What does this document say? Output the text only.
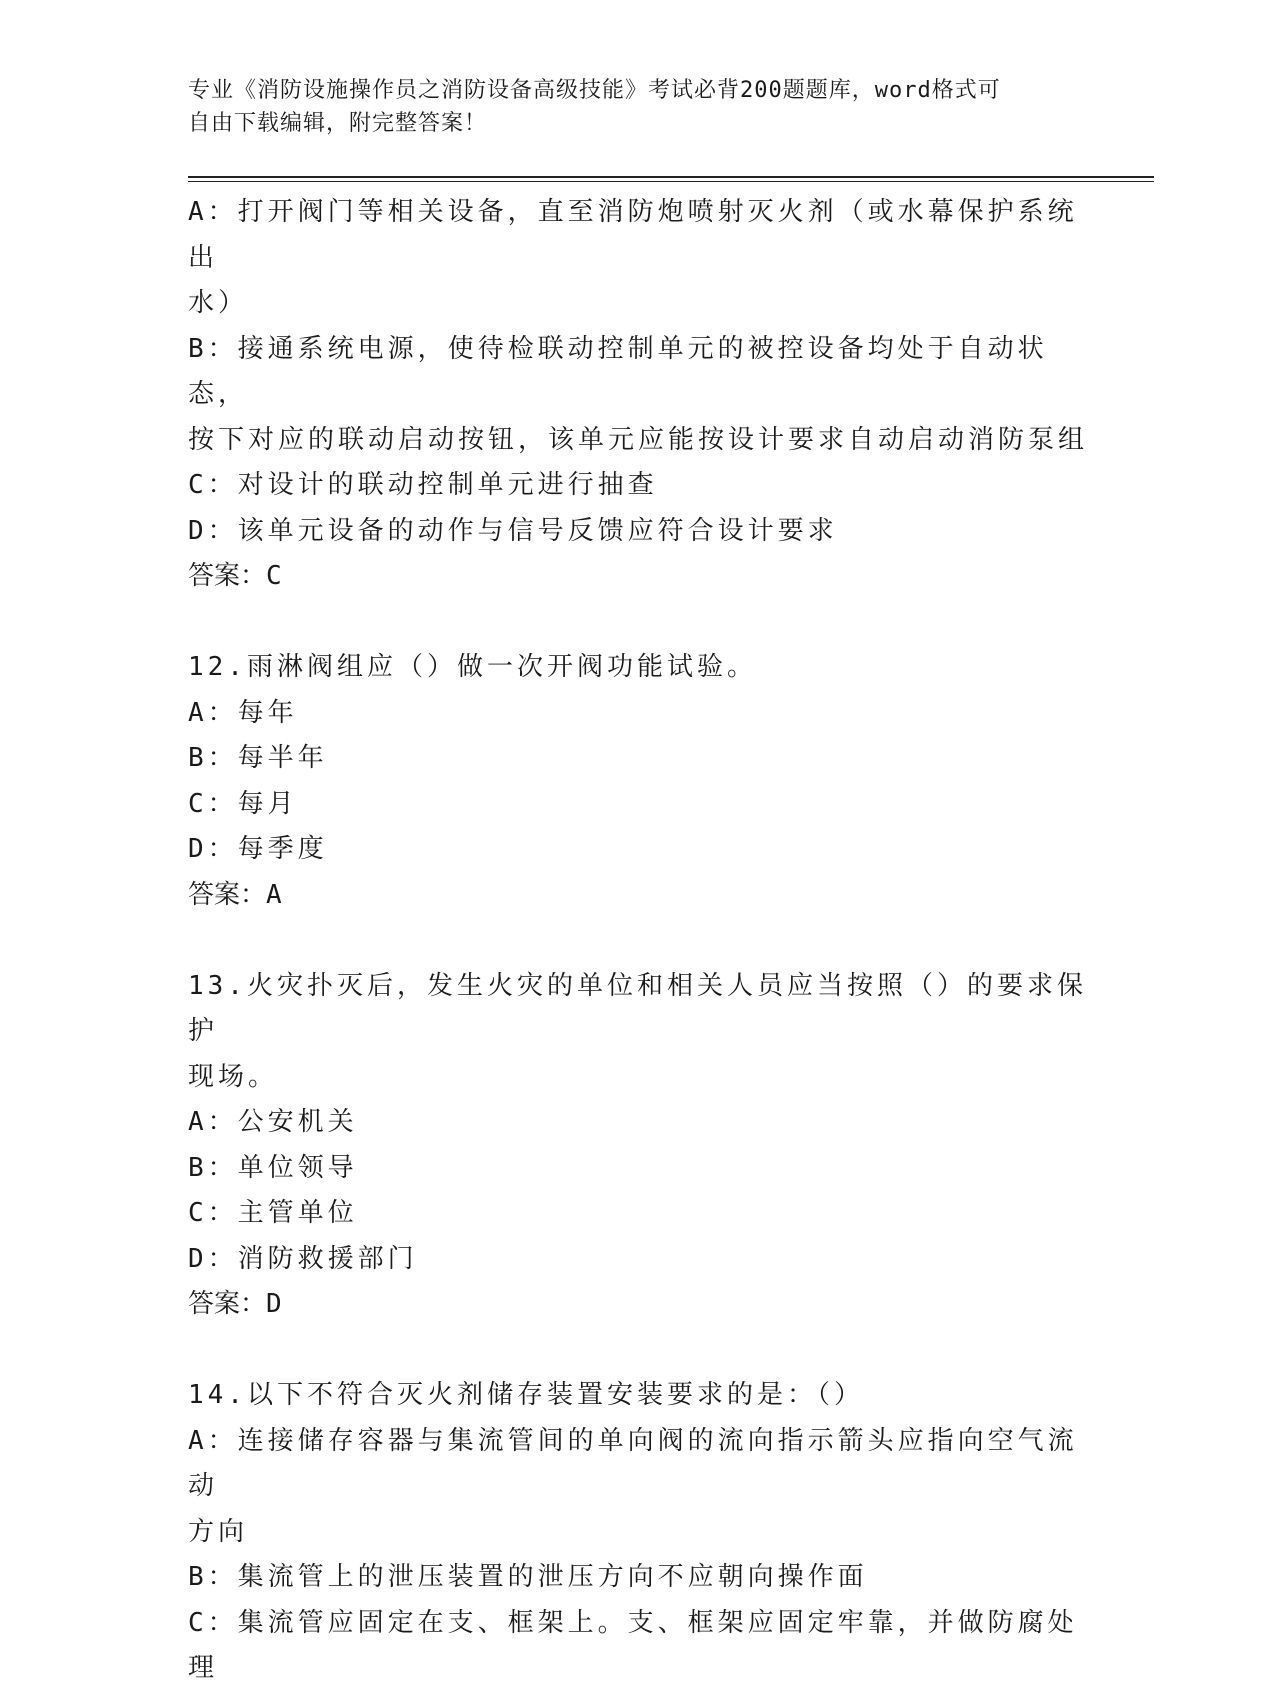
专业《消防设施操作员之消防设备高级技能》考试必背200题题库，word格式可
自由下载编辑，附完整答案！
A：打开阀门等相关设备，直至消防炮喷射灭火剂（或水幕保护系统出
水）
B：接通系统电源，使待检联动控制单元的被控设备均处于自动状态，
按下对应的联动启动按钮，该单元应能按设计要求自动启动消防泵组
C：对设计的联动控制单元进行抽查
D：该单元设备的动作与信号反馈应符合设计要求
答案：C
12.雨淋阀组应（）做一次开阀功能试验。
A：每年
B：每半年
C：每月
D：每季度
答案：A
13.火灾扑灭后，发生火灾的单位和相关人员应当按照（）的要求保护
现场。
A：公安机关
B：单位领导
C：主管单位
D：消防救援部门
答案：D
14.以下不符合灭火剂储存装置安装要求的是：（）
A：连接储存容器与集流管间的单向阀的流向指示箭头应指向空气流动
方向
B：集流管上的泄压装置的泄压方向不应朝向操作面
C：集流管应固定在支、框架上。支、框架应固定牢靠，并做防腐处理
